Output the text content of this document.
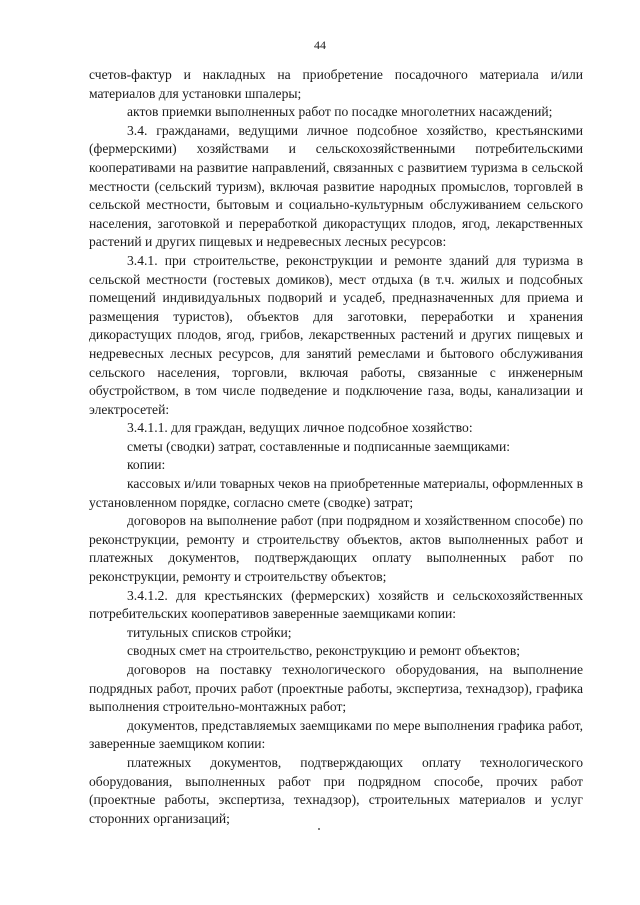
44

счетов-фактур и накладных на приобретение посадочного материала и/или материалов для установки шпалеры;

актов приемки выполненных работ по посадке многолетних насаждений;

3.4. гражданами, ведущими личное подсобное хозяйство, крестьянскими (фермерскими) хозяйствами и сельскохозяйственными потребительскими кооперативами на развитие направлений, связанных с развитием туризма в сельской местности (сельский туризм), включая развитие народных промыслов, торговлей в сельской местности, бытовым и социально-культурным обслуживанием сельского населения, заготовкой и переработкой дикорастущих плодов, ягод, лекарственных растений и других пищевых и недревесных лесных ресурсов:

3.4.1. при строительстве, реконструкции и ремонте зданий для туризма в сельской местности (гостевых домиков), мест отдыха (в т.ч. жилых и подсобных помещений индивидуальных подворий и усадеб, предназначенных для приема и размещения туристов), объектов для заготовки, переработки и хранения дикорастущих плодов, ягод, грибов, лекарственных растений и других пищевых и недревесных лесных ресурсов, для занятий ремеслами и бытового обслуживания сельского населения, торговли, включая работы, связанные с инженерным обустройством, в том числе подведение и подключение газа, воды, канализации и электросетей:

3.4.1.1. для граждан, ведущих личное подсобное хозяйство:

сметы (сводки) затрат, составленные и подписанные заемщиками:

копии:

кассовых и/или товарных чеков на приобретенные материалы, оформленных в установленном порядке, согласно смете (сводке) затрат;

договоров на выполнение работ (при подрядном и хозяйственном способе) по реконструкции, ремонту и строительству объектов, актов выполненных работ и платежных документов, подтверждающих оплату выполненных работ по реконструкции, ремонту и строительству объектов;

3.4.1.2. для крестьянских (фермерских) хозяйств и сельскохозяйственных потребительских кооперативов заверенные заемщиками копии:

титульных списков стройки;

сводных смет на строительство, реконструкцию и ремонт объектов;

договоров на поставку технологического оборудования, на выполнение подрядных работ, прочих работ (проектные работы, экспертиза, технадзор), графика выполнения строительно-монтажных работ;

документов, представляемых заемщиками по мере выполнения графика работ, заверенные заемщиком копии:

платежных документов, подтверждающих оплату технологического оборудования, выполненных работ при подрядном способе, прочих работ (проектные работы, экспертиза, технадзор), строительных материалов и услуг сторонних организаций;
